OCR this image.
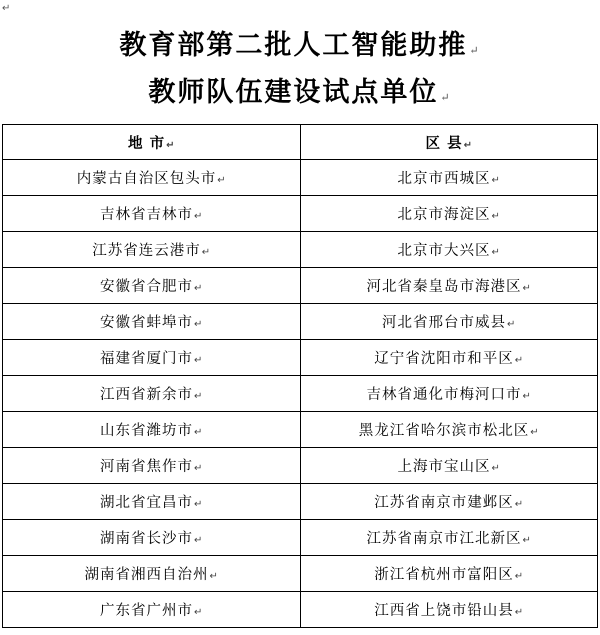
↵
教育部第二批人工智能助推 ↵
教师队伍建设试点单位 ↵
地 市↵	区 县↵
内蒙古自治区包头市↵	北京市西城区↵
吉林省吉林市↵	北京市海淀区↵
江苏省连云港市↵	北京市大兴区↵
安徽省合肥市↵	河北省秦皇岛市海港区↵
安徽省蚌埠市↵	河北省邢台市威县↵
福建省厦门市↵	辽宁省沈阳市和平区↵
江西省新余市↵	吉林省通化市梅河口市↵
山东省潍坊市↵	黑龙江省哈尔滨市松北区↵
河南省焦作市↵	上海市宝山区↵
湖北省宜昌市↵	江苏省南京市建邺区↵
湖南省长沙市↵	江苏省南京市江北新区↵
湖南省湘西自治州↵	浙江省杭州市富阳区↵
广东省广州市↵	江西省上饶市铅山县↵
